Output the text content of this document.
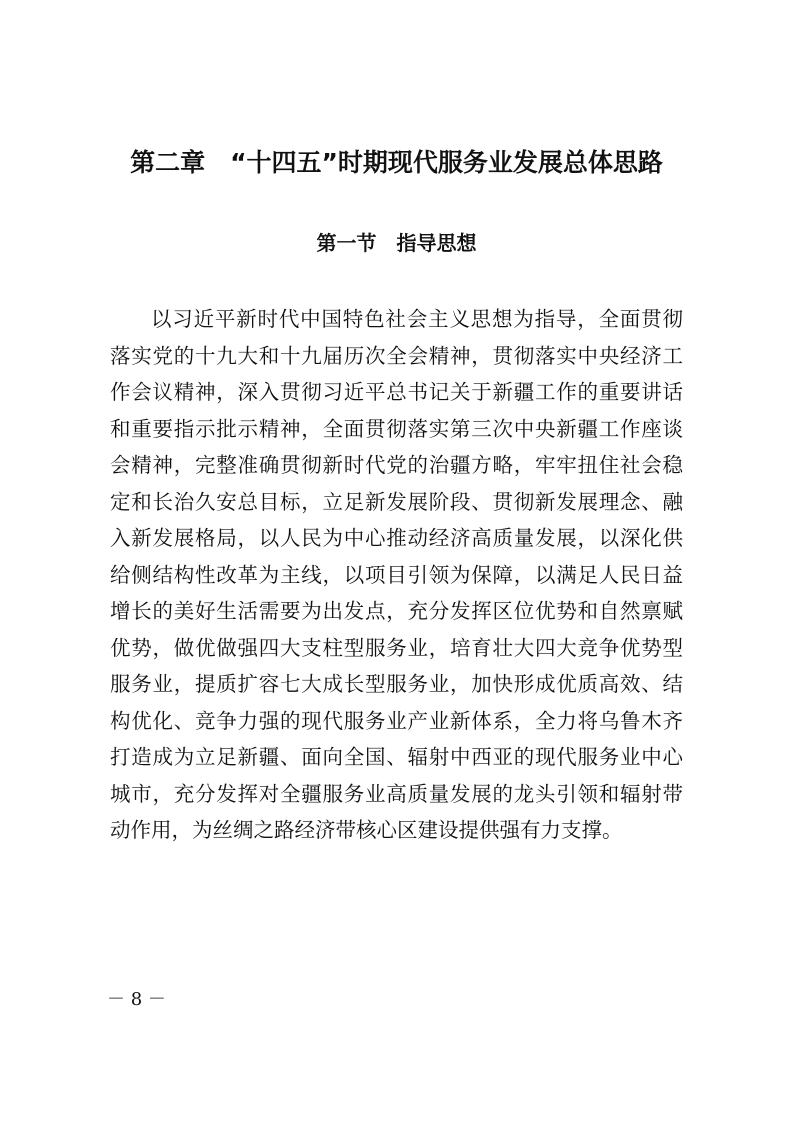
第二章　“十四五”时期现代服务业发展总体思路
第一节　指导思想

以习近平新时代中国特色社会主义思想为指导，全面贯彻落实党的十九大和十九届历次全会精神，贯彻落实中央经济工作会议精神，深入贯彻习近平总书记关于新疆工作的重要讲话和重要指示批示精神，全面贯彻落实第三次中央新疆工作座谈会精神，完整准确贯彻新时代党的治疆方略，牢牢扭住社会稳定和长治久安总目标，立足新发展阶段、贯彻新发展理念、融入新发展格局，以人民为中心推动经济高质量发展，以深化供给侧结构性改革为主线，以项目引领为保障，以满足人民日益增长的美好生活需要为出发点，充分发挥区位优势和自然禀赋优势，做优做强四大支柱型服务业，培育壮大四大竞争优势型服务业，提质扩容七大成长型服务业，加快形成优质高效、结构优化、竞争力强的现代服务业产业新体系，全力将乌鲁木齐打造成为立足新疆、面向全国、辐射中西亚的现代服务业中心城市，充分发挥对全疆服务业高质量发展的龙头引领和辐射带动作用，为丝绸之路经济带核心区建设提供强有力支撑。

－ 8 －
